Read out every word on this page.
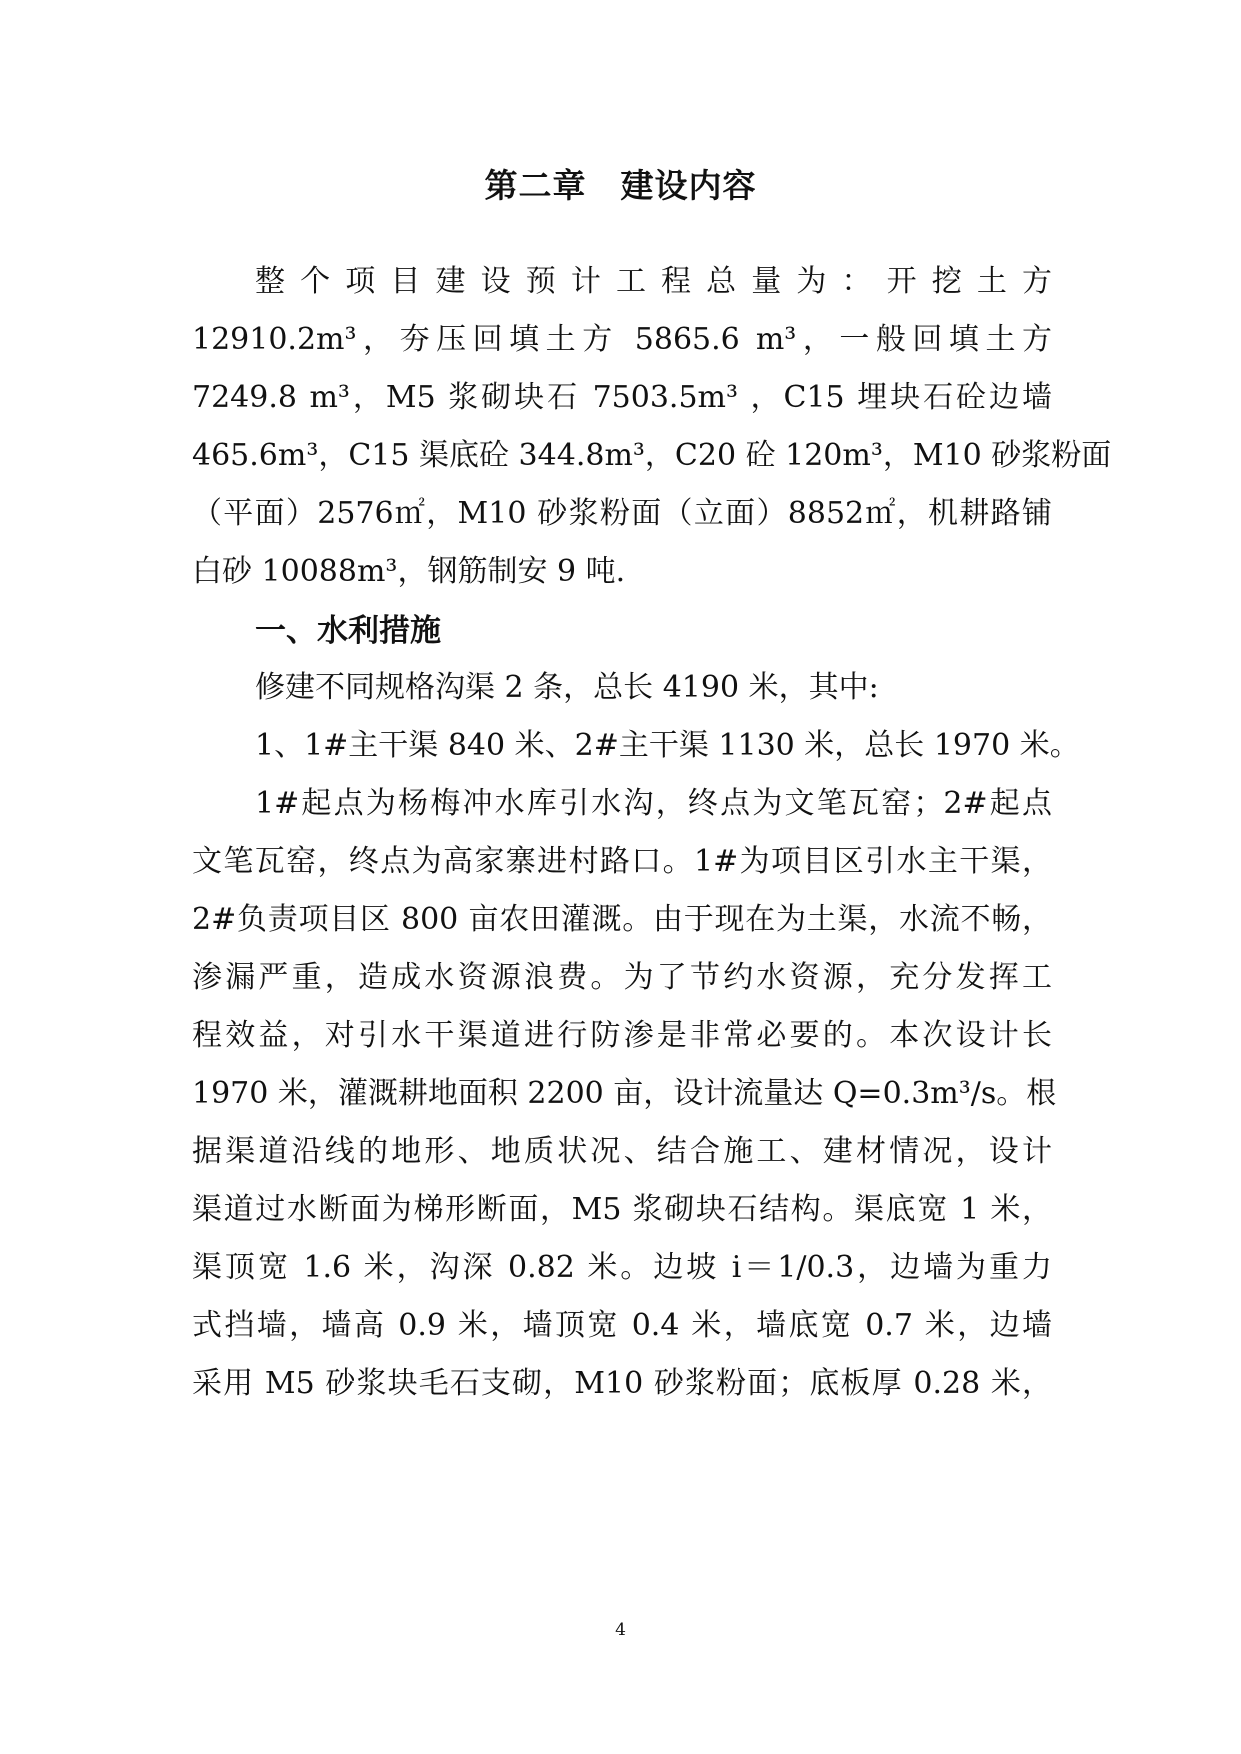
第二章 建设内容
整个项目建设预计工程总量为：开挖土方
12910.2m³，夯压回填土方 5865.6 m³，一般回填土方
7249.8 m³，M5 浆砌块石 7503.5m³ ，C15 埋块石砼边墙
465.6m³，C15 渠底砼 344.8m³，C20 砼 120m³，M10 砂浆粉面
（平面）2576㎡，M10 砂浆粉面（立面）8852㎡，机耕路铺
白砂 10088m³，钢筋制安 9 吨.
一、水利措施
修建不同规格沟渠 2 条，总长 4190 米，其中:
1、1#主干渠 840 米、2#主干渠 1130 米，总长 1970 米。
1#起点为杨梅冲水库引水沟，终点为文笔瓦窑；2#起点
文笔瓦窑，终点为高家寨进村路口。1#为项目区引水主干渠，
2#负责项目区 800 亩农田灌溉。由于现在为土渠，水流不畅，
渗漏严重，造成水资源浪费。为了节约水资源，充分发挥工
程效益，对引水干渠道进行防渗是非常必要的。本次设计长
1970 米，灌溉耕地面积 2200 亩，设计流量达 Q=0.3m³/s。根
据渠道沿线的地形、地质状况、结合施工、建材情况，设计
渠道过水断面为梯形断面，M5 浆砌块石结构。渠底宽 1 米，
渠顶宽 1.6 米，沟深 0.82 米。边坡 i＝1/0.3，边墙为重力
式挡墙，墙高 0.9 米，墙顶宽 0.4 米，墙底宽 0.7 米，边墙
采用 M5 砂浆块毛石支砌，M10 砂浆粉面；底板厚 0.28 米，
4
